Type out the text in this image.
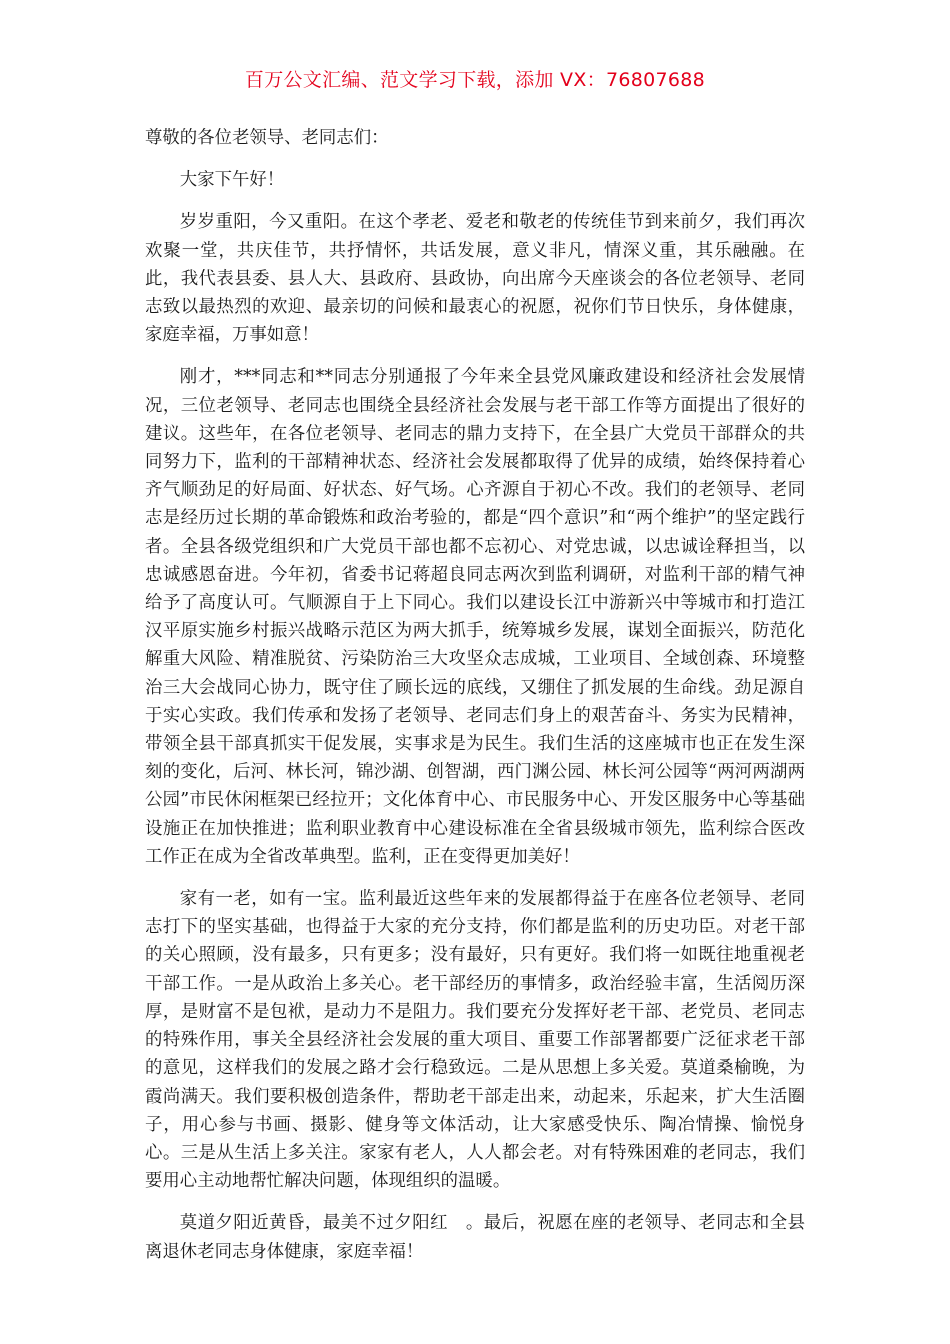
百万公文汇编、范文学习下载，添加 VX：76807688

尊敬的各位老领导、老同志们：

大家下午好！

岁岁重阳，今又重阳。在这个孝老、爱老和敬老的传统佳节到来前夕，我们再次欢聚一堂，共庆佳节，共抒情怀，共话发展，意义非凡，情深义重，其乐融融。在此，我代表县委、县人大、县政府、县政协，向出席今天座谈会的各位老领导、老同志致以最热烈的欢迎、最亲切的问候和最衷心的祝愿，祝你们节日快乐，身体健康，家庭幸福，万事如意！

刚才，***同志和**同志分别通报了今年来全县党风廉政建设和经济社会发展情况，三位老领导、老同志也围绕全县经济社会发展与老干部工作等方面提出了很好的建议。这些年，在各位老领导、老同志的鼎力支持下，在全县广大党员干部群众的共同努力下，监利的干部精神状态、经济社会发展都取得了优异的成绩，始终保持着心齐气顺劲足的好局面、好状态、好气场。心齐源自于初心不改。我们的老领导、老同志是经历过长期的革命锻炼和政治考验的，都是“四个意识”和“两个维护”的坚定践行者。全县各级党组织和广大党员干部也都不忘初心、对党忠诚，以忠诚诠释担当，以忠诚感恩奋进。今年初，省委书记蒋超良同志两次到监利调研，对监利干部的精气神给予了高度认可。气顺源自于上下同心。我们以建设长江中游新兴中等城市和打造江汉平原实施乡村振兴战略示范区为两大抓手，统筹城乡发展，谋划全面振兴，防范化解重大风险、精准脱贫、污染防治三大攻坚众志成城，工业项目、全域创森、环境整治三大会战同心协力，既守住了顾长远的底线，又绷住了抓发展的生命线。劲足源自于实心实政。我们传承和发扬了老领导、老同志们身上的艰苦奋斗、务实为民精神，带领全县干部真抓实干促发展，实事求是为民生。我们生活的这座城市也正在发生深刻的变化，后河、林长河，锦沙湖、创智湖，西门渊公园、林长河公园等“两河两湖两公园”市民休闲框架已经拉开；文化体育中心、市民服务中心、开发区服务中心等基础设施正在加快推进；监利职业教育中心建设标准在全省县级城市领先，监利综合医改工作正在成为全省改革典型。监利，正在变得更加美好！

家有一老，如有一宝。监利最近这些年来的发展都得益于在座各位老领导、老同志打下的坚实基础，也得益于大家的充分支持，你们都是监利的历史功臣。对老干部的关心照顾，没有最多，只有更多；没有最好，只有更好。我们将一如既往地重视老干部工作。一是从政治上多关心。老干部经历的事情多，政治经验丰富，生活阅历深厚，是财富不是包袱，是动力不是阻力。我们要充分发挥好老干部、老党员、老同志的特殊作用，事关全县经济社会发展的重大项目、重要工作部署都要广泛征求老干部的意见，这样我们的发展之路才会行稳致远。二是从思想上多关爱。莫道桑榆晚，为霞尚满天。我们要积极创造条件，帮助老干部走出来，动起来，乐起来，扩大生活圈子，用心参与书画、摄影、健身等文体活动，让大家感受快乐、陶冶情操、愉悦身心。三是从生活上多关注。家家有老人，人人都会老。对有特殊困难的老同志，我们要用心主动地帮忙解决问题，体现组织的温暖。

莫道夕阳近黄昏，最美不过夕阳红　。最后，祝愿在座的老领导、老同志和全县离退休老同志身体健康，家庭幸福！
